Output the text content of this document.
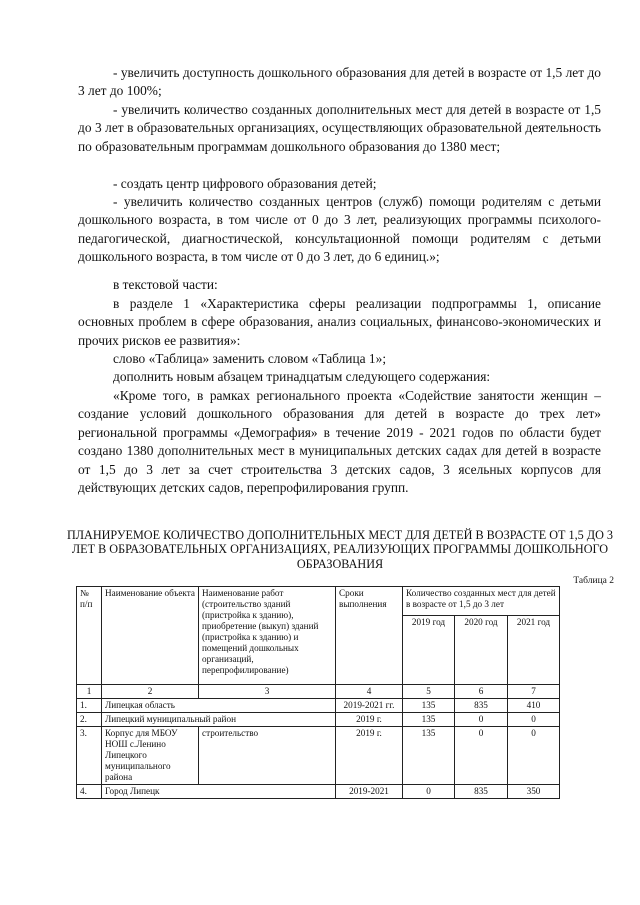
- увеличить доступность дошкольного образования для детей в возрасте от 1,5 лет до 3 лет до 100%;

- увеличить количество созданных дополнительных мест для детей в возрасте от 1,5 до 3 лет в образовательных организациях, осуществляющих образовательной деятельность по образовательным программам дошкольного образования до 1380 мест;

- создать центр цифрового образования детей;

- увеличить количество созданных центров (служб) помощи родителям с детьми дошкольного возраста, в том числе от 0 до 3 лет, реализующих программы психолого-педагогической, диагностической, консультационной помощи родителям с детьми дошкольного возраста, в том числе от 0 до 3 лет, до 6 единиц.»;

в текстовой части:

в разделе 1 «Характеристика сферы реализации подпрограммы 1, описание основных проблем в сфере образования, анализ социальных, финансово-экономических и прочих рисков ее развития»:

слово «Таблица» заменить словом «Таблица 1»;

дополнить новым абзацем тринадцатым следующего содержания:

«Кроме того, в рамках регионального проекта «Содействие занятости женщин – создание условий дошкольного образования для детей в возрасте до трех лет» региональной программы «Демография» в течение 2019 - 2021 годов по области будет создано 1380 дополнительных мест в муниципальных детских садах для детей в возрасте от 1,5 до 3 лет за счет строительства 3 детских садов, 3 ясельных корпусов для действующих детских садов, перепрофилирования групп.

ПЛАНИРУЕМОЕ КОЛИЧЕСТВО ДОПОЛНИТЕЛЬНЫХ МЕСТ ДЛЯ ДЕТЕЙ В ВОЗРАСТЕ ОТ 1,5 ДО 3 ЛЕТ В ОБРАЗОВАТЕЛЬНЫХ ОРГАНИЗАЦИЯХ, РЕАЛИЗУЮЩИХ ПРОГРАММЫ ДОШКОЛЬНОГО ОБРАЗОВАНИЯ

Таблица 2
№ п/п	Наименование объекта	Наименование работ (строительство зданий (пристройка к зданию), приобретение (выкуп) зданий (пристройка к зданию) и помещений дошкольных организаций, перепрофилирование)	Сроки выполнения	Количество созданных мест для детей в возрасте от 1,5 до 3 лет		
				2019 год	2020 год	2021 год
1	2	3	4	5	6	7
1.	Липецкая область		2019-2021 гг.	135	835	410
2.	Липецкий муниципальный район		2019 г.	135	0	0
3.	Корпус для МБОУ НОШ с.Ленино Липецкого муниципального района	строительство	2019 г.	135	0	0
4.	Город Липецк		2019-2021	0	835	350
